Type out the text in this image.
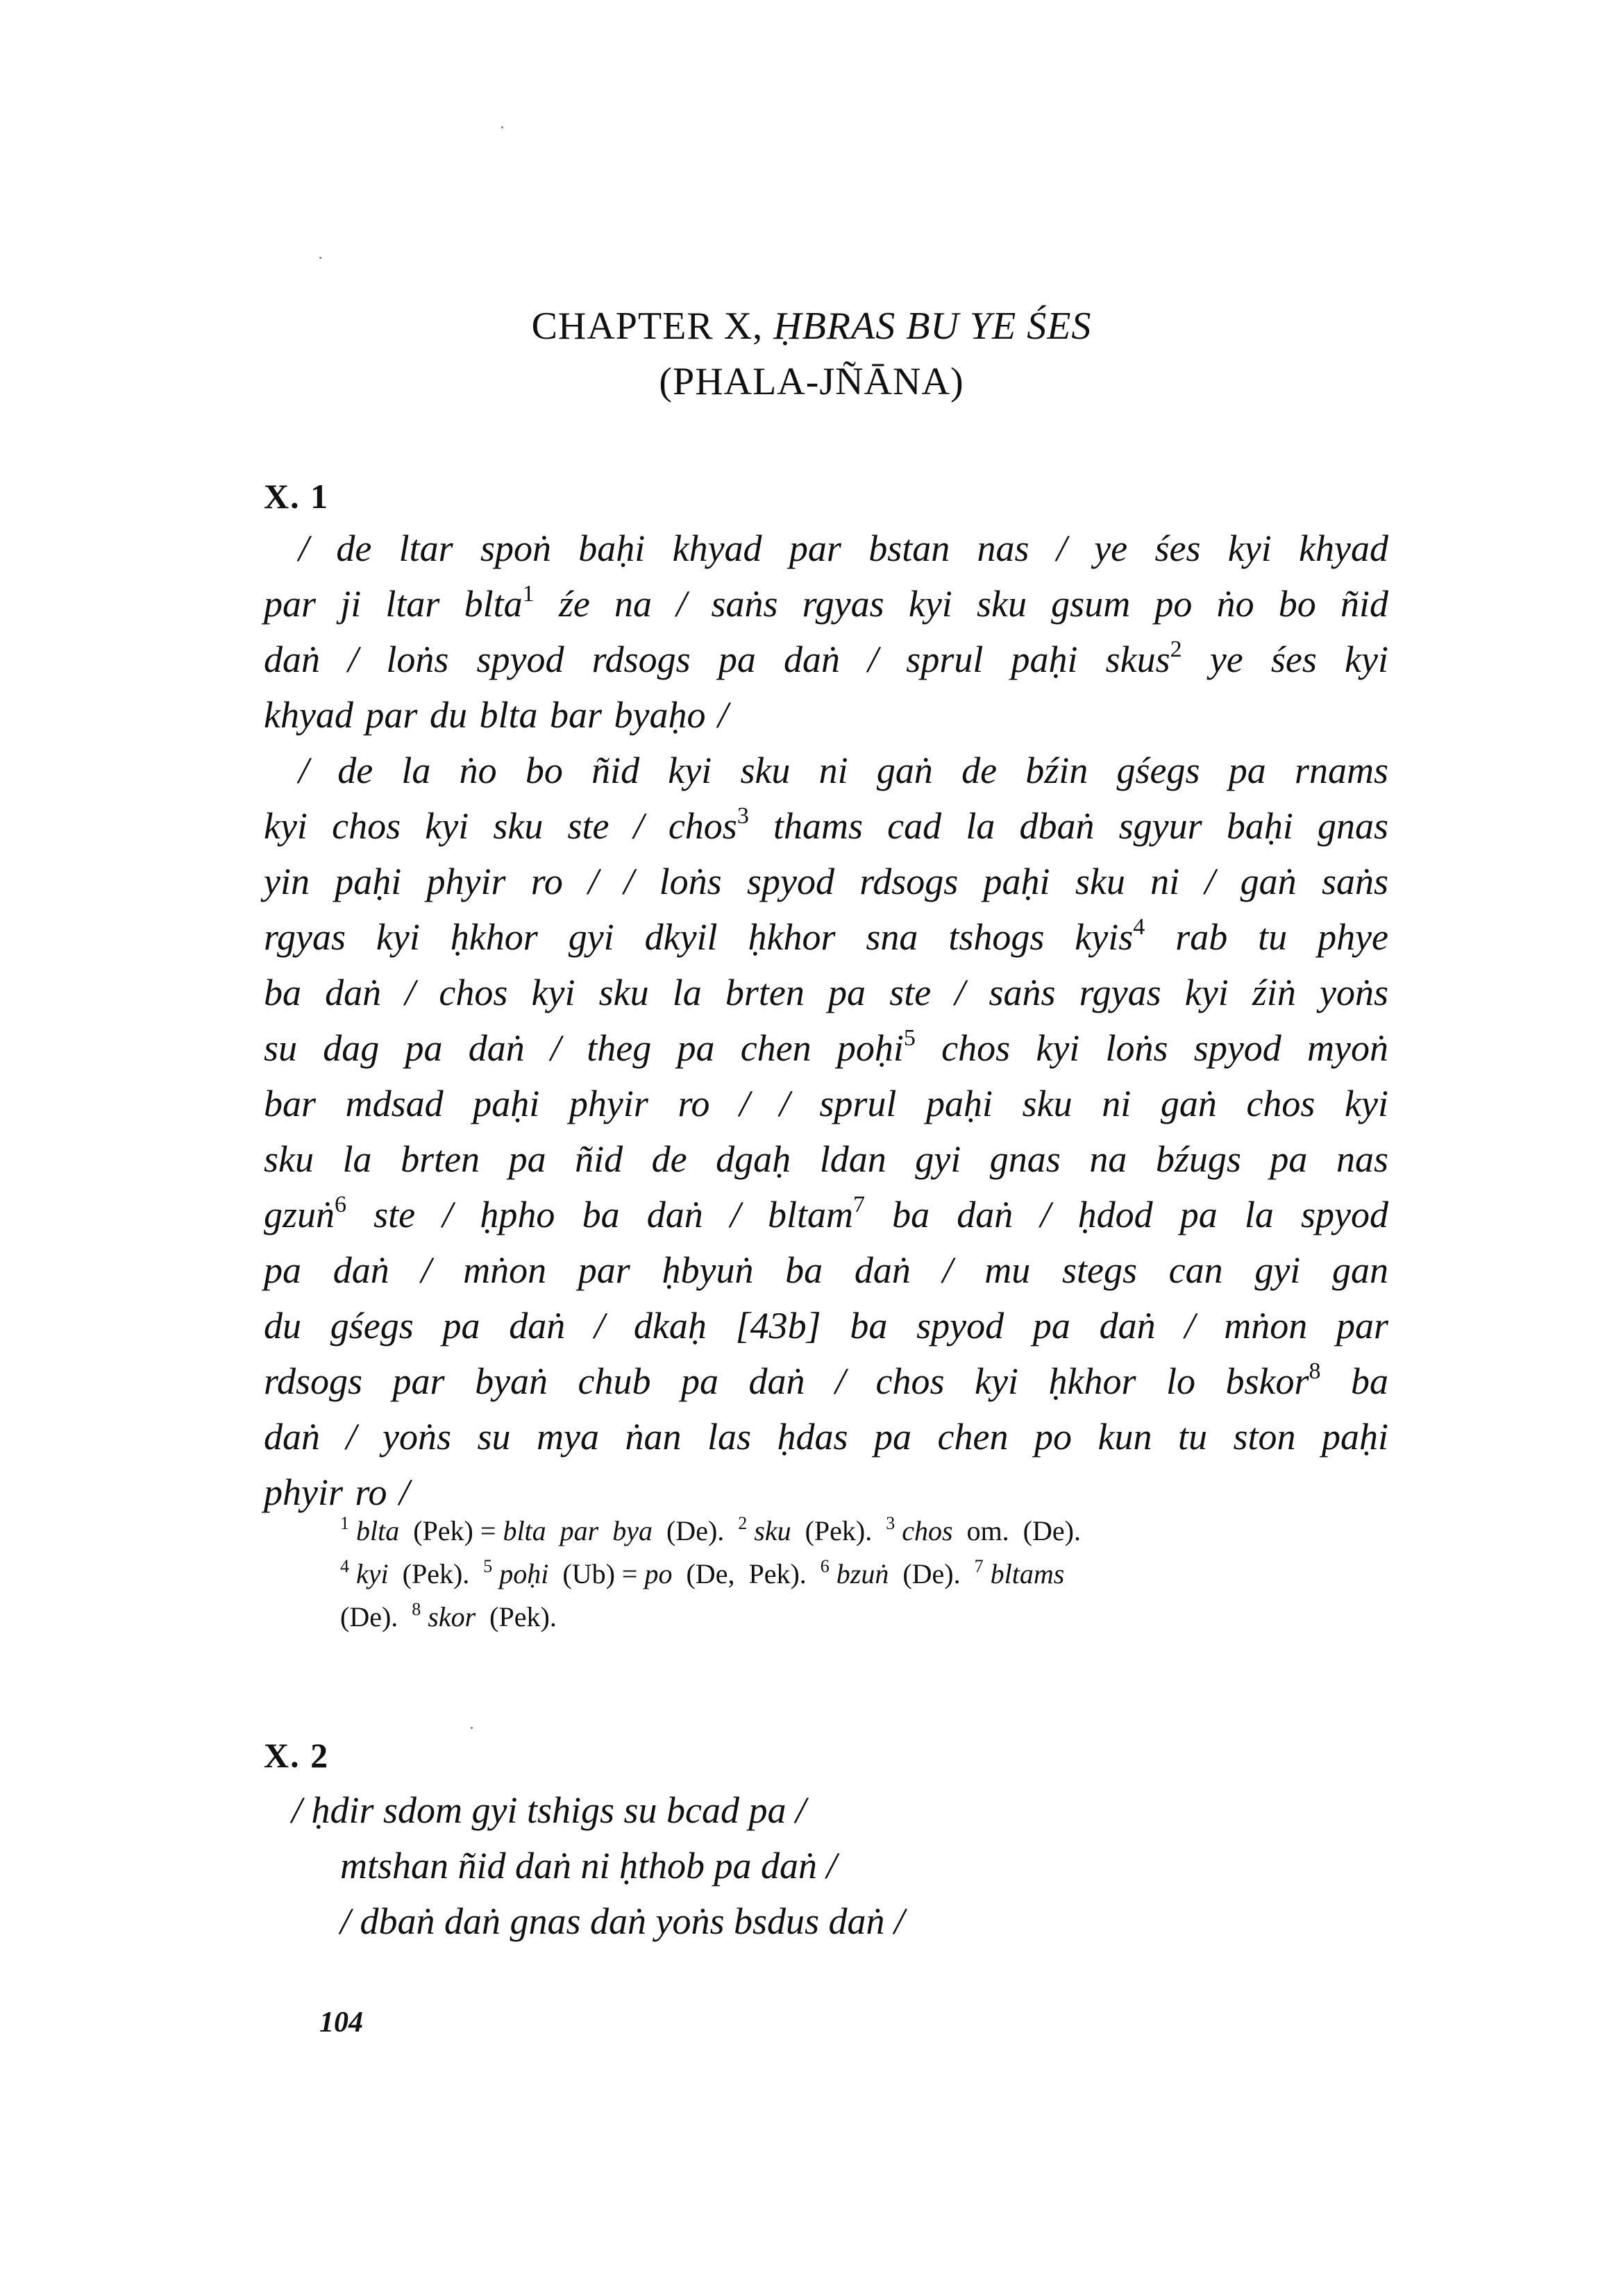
CHAPTER X, ḤBRAS BU YE ŚES
(PHALA-JÑĀNA)
X. 1
/ de ltar spoṅ baḥi khyad par bstan nas / ye śes kyi khyad
par ji ltar blta$^1$ źe na / saṅs rgyas kyi sku gsum po ṅo bo ñid
daṅ / loṅs spyod rdsogs pa daṅ / sprul paḥi skus$^2$ ye śes kyi
khyad par du blta bar byaḥo /
/ de la ṅo bo ñid kyi sku ni gaṅ de bźin gśegs pa rnams
kyi chos kyi sku ste / chos$^3$ thams cad la dbaṅ sgyur baḥi gnas
yin paḥi phyir ro / / loṅs spyod rdsogs paḥi sku ni / gaṅ saṅs
rgyas kyi ḥkhor gyi dkyil ḥkhor sna tshogs kyis$^4$ rab tu phye
ba daṅ / chos kyi sku la brten pa ste / saṅs rgyas kyi źiṅ yoṅs
su dag pa daṅ / theg pa chen poḥi$^5$ chos kyi loṅs spyod myoṅ
bar mdsad paḥi phyir ro / / sprul paḥi sku ni gaṅ chos kyi
sku la brten pa ñid de dgaḥ ldan gyi gnas na bźugs pa nas
gzuṅ$^6$ ste / ḥpho ba daṅ / bltam$^7$ ba daṅ / ḥdod pa la spyod
pa daṅ / mṅon par ḥbyuṅ ba daṅ / mu stegs can gyi gan
du gśegs pa daṅ / dkaḥ [43b] ba spyod pa daṅ / mṅon par
rdsogs par byaṅ chub pa daṅ / chos kyi ḥkhor lo bskor$^8$ ba
daṅ / yoṅs su mya ṅan las ḥdas pa chen po kun tu ston paḥi
phyir ro /
$^1$ blta  (Pek) = blta  par  bya  (De).  $^2$ sku  (Pek).  $^3$ chos  om.  (De).
$^4$ kyi  (Pek).  $^5$ poḥi  (Ub) = po  (De,  Pek).  $^6$ bzuṅ  (De).  $^7$ bltams
(De).  $^8$ skor  (Pek).
X. 2
/ ḥdir sdom gyi tshigs su bcad pa /
mtshan ñid daṅ ni ḥthob pa daṅ /
/ dbaṅ daṅ gnas daṅ yoṅs bsdus daṅ /
104
